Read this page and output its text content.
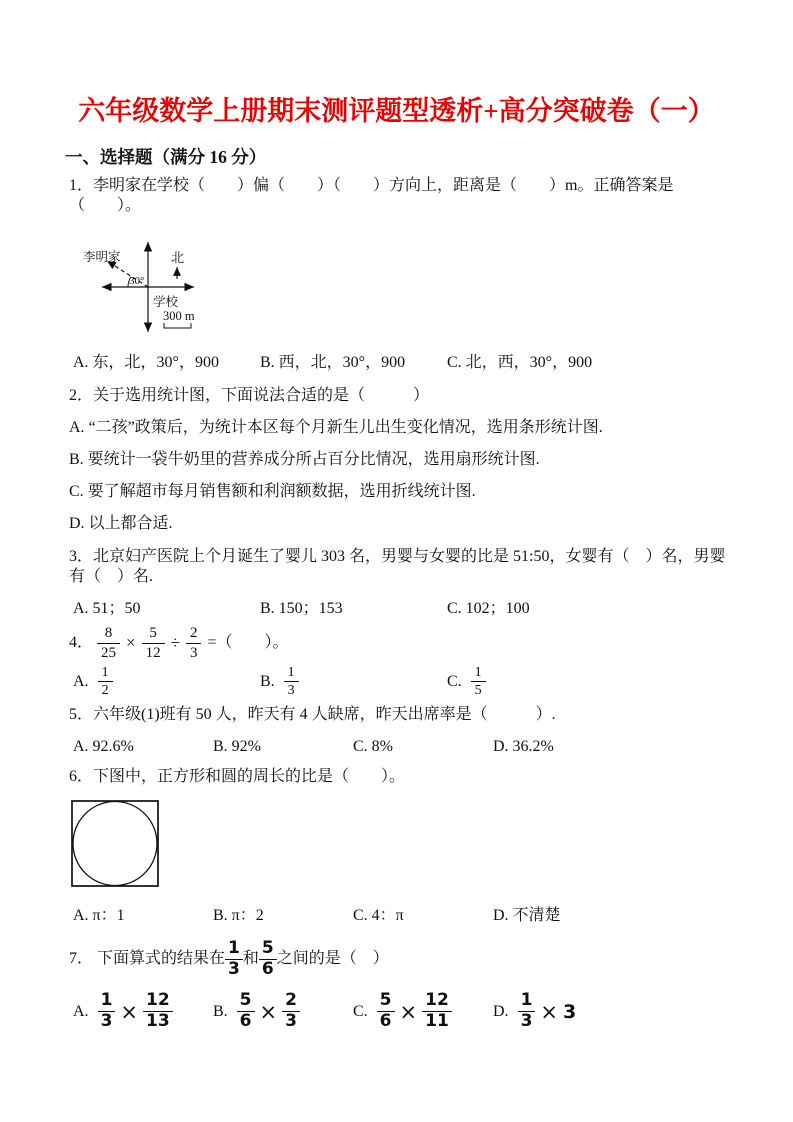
六年级数学上册期末测评题型透析+高分突破卷（一）
一、选择题（满分 16 分）

1．李明家在学校（　　）偏（　　）（　　）方向上，距离是（　　）m。正确答案是（　　）。

李明家
30°
北
学校
300 m
A. 东，北，30°，900	B. 西，北，30°，900	C. 北，西，30°，900

2．关于选用统计图，下面说法合适的是（　　　）

A. “二孩”政策后，为统计本区每个月新生儿出生变化情况，选用条形统计图.

B. 要统计一袋牛奶里的营养成分所占百分比情况，选用扇形统计图.

C. 要了解超市每月销售额和利润额数据，选用折线统计图.

D. 以上都合适.

3．北京妇产医院上个月诞生了婴儿 303 名，男婴与女婴的比是 51:50，女婴有（　）名，男婴有（　）名.

A. 51；50	B. 150；153	C. 102；100
4． $\frac{8}{25} \times \frac{5}{12} \div \frac{2}{3}$ =（　　）。
A. $\frac{1}{2}$	B. $\frac{1}{3}$	C. $\frac{1}{5}$

5．六年级(1)班有 50 人，昨天有 4 人缺席，昨天出席率是（　　　）.

A. 92.6%	B. 92%	C. 8%	D. 36.2%

6．下图中，正方形和圆的周长的比是（　　）。

A. π：1	B. π：2	C. 4：π	D. 不清楚
7． 下面算式的结果在 $\frac{1}{3}$ 和 $\frac{5}{6}$ 之间的是（　）
A. $\frac{1}{3} \times \frac{12}{13}$	B. $\frac{5}{6} \times \frac{2}{3}$	C. $\frac{5}{6} \times \frac{12}{11}$	D. $\frac{1}{3} \times 3$
